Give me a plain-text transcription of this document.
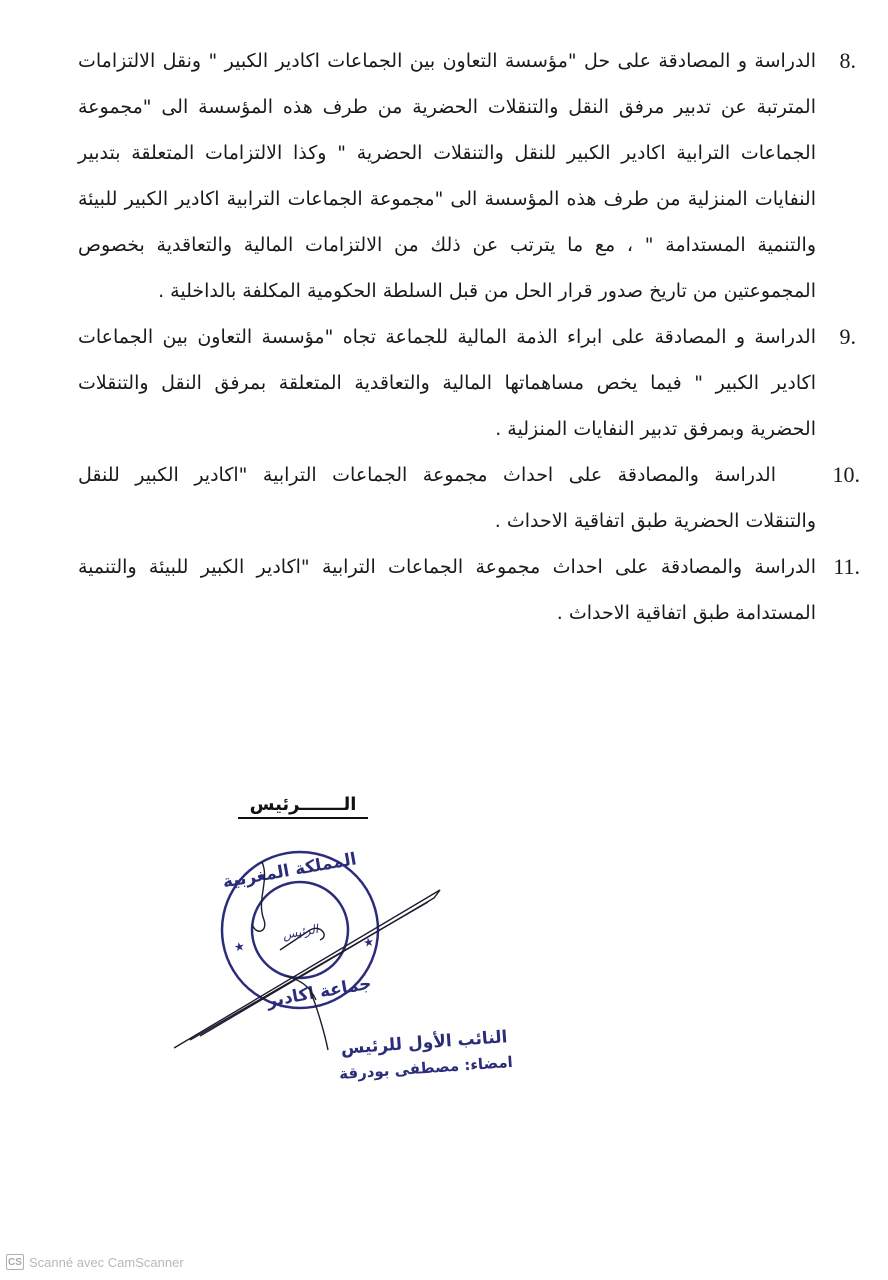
8.
الدراسة و المصادقة على حل "مؤسسة التعاون بين الجماعات اكادير الكبير " ونقل الالتزامات
المترتبة عن تدبير مرفق النقل والتنقلات الحضرية من طرف هذه المؤسسة الى "مجموعة
الجماعات الترابية اكادير الكبير للنقل والتنقلات الحضرية " وكذا الالتزامات المتعلقة بتدبير
النفايات المنزلية من طرف هذه المؤسسة الى "مجموعة الجماعات الترابية اكادير الكبير للبيئة
والتنمية المستدامة " ، مع ما يترتب عن ذلك من الالتزامات المالية والتعاقدية بخصوص
المجموعتين من تاريخ صدور قرار الحل من قبل السلطة الحكومية المكلفة بالداخلية .
9.
الدراسة و المصادقة على ابراء الذمة المالية للجماعة تجاه "مؤسسة التعاون بين الجماعات
اكادير الكبير " فيما يخص مساهماتها المالية والتعاقدية المتعلقة بمرفق النقل والتنقلات
الحضرية وبمرفق تدبير النفايات المنزلية .
10.
الدراسة والمصادقة على احداث مجموعة الجماعات الترابية "اكادير الكبير للنقل
والتنقلات الحضرية طبق اتفاقية الاحداث .
11.
الدراسة والمصادقة على احداث مجموعة الجماعات الترابية "اكادير الكبير للبيئة والتنمية
المستدامة طبق اتفاقية الاحداث .
الـــــــرئيس
المملكة المغربية
الرئيس
جماعة اكادير
★	★
النائب الأول للرئيس
امضاء: مصطفى بودرقة
CS Scanné avec CamScanner
